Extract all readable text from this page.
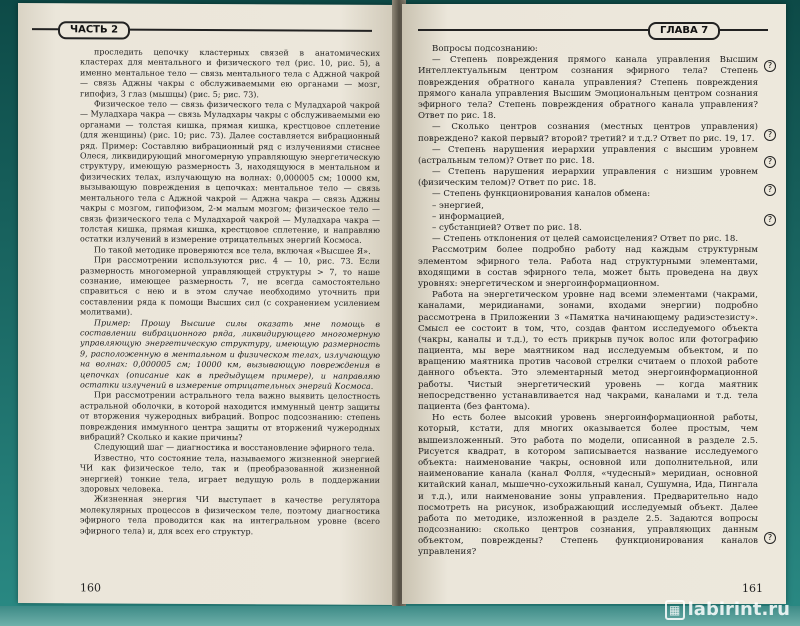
ЧАСТЬ 2

проследить цепочку кластерных связей в анатомических кластерах для ментального и физического тел (рис. 10, рис. 5), а именно ментальное тело — связь ментального тела с Аджной чакрой — связь Аджны чакры с обслуживаемыми ею органами — мозг, гипофиз, 3 глаз (мышцы) (рис. 5; рис. 73).

Физическое тело — связь физического тела с Муладхарой чакрой — Муладхара чакра — связь Муладхары чакры с обслуживаемыми ею органами — толстая кишка, прямая кишка, крестцовое сплетение (для женщины) (рис. 10; рис. 73). Далее составляется вибрационный ряд. Пример: Составляю вибрационный ряд с излучениями стиснее Олеся, ликвидирующий многомерную управляющую энергетическую структуру, имеющую размерность 3, находящуюся в ментальном и физических телах, излучающую на волнах: 0,000005 см; 10000 км, вызывающую повреждения в цепочках: ментальное тело — связь ментального тела с Аджной чакрой — Аджна чакра — связь Аджны чакры с мозгом, гипофизом, 2-м малым мозгом; физическое тело — связь физического тела с Муладхарой чакрой — Муладхара чакра — толстая кишка, прямая кишка, крестцовое сплетение, и направляю остатки излучений в измерение отрицательных энергий Космоса.

По такой методике проверяются все тела, включая «Высшее Я».

При рассмотрении используются рис. 4 — 10, рис. 73. Если размерность многомерной управляющей структуры > 7, то наше сознание, имеющее размерность 7, не всегда самостоятельно справиться с нею и в этом случае необходимо уточнить при составлении ряда к помощи Высших сил (с сохранением усилением молитвами).

Пример: Прошу Высшие силы оказать мне помощь в составлении вибрационного ряда, ликвидирующего многомерную управляющую энергетическую структуру, имеющую размерность 9, расположенную в ментальном и физическом телах, излучающую на волнах: 0,000005 см; 10000 км, вызывающую повреждения в цепочках (описание как в предыдущем примере), и направляю остатки излучений в измерение отрицательных энергий Космоса.

При рассмотрении астрального тела важно выявить целостность астральной оболочки, в которой находится иммунный центр защиты от вторжения чужеродных вибраций. Вопрос подсознанию: степень повреждения иммунного центра защиты от вторжений чужеродных вибраций? Сколько и какие причины?

Следующий шаг — диагностика и восстановление эфирного тела.

Известно, что состояние тела, называемого жизненной энергией ЧИ как физическое тело, так и (преобразованной жизненной энергией) тонкие тела, играет ведущую роль в поддержании здоровых человека.

Жизненная энергия ЧИ выступает в качестве регулятора молекулярных процессов в физическом теле, поэтому диагностика эфирного тела проводится как на интегральном уровне (всего эфирного тела) и, для всех его структур.

160
ГЛАВА 7

Вопросы подсознанию:

— Степень повреждения прямого канала управления Высшим Интеллектуальным центром сознания эфирного тела? Степень повреждения обратного канала управления? Степень повреждения прямого канала управления Высшим Эмоциональным центром сознания эфирного тела? Степень повреждения обратного канала управления? Ответ по рис. 18.

— Сколько центров сознания (местных центров управления) повреждено? какой первый? второй? третий? и т.д.? Ответ по рис. 19, 17.

— Степень нарушения иерархии управления с высшим уровнем (астральным телом)? Ответ по рис. 18.

— Степень нарушения иерархии управления с низшим уровнем (физическим телом)? Ответ по рис. 18.

— Степень функционирования каналов обмена:

– энергией,

– информацией,

– субстанцией? Ответ по рис. 18.

— Степень отклонения от целей самоисцеления? Ответ по рис. 18.

Рассмотрим более подробно работу над каждым структурным элементом эфирного тела. Работа над структурными элементами, входящими в состав эфирного тела, может быть проведена на двух уровнях: энергетическом и энергоинформационном.

Работа на энергетическом уровне над всеми элементами (чакрами, каналами, меридианами, зонами, входами энергии) подробно рассмотрена в Приложении 3 «Памятка начинающему радиэстезисту». Смысл ее состоит в том, что, создав фантом исследуемого объекта (чакры, каналы и т.д.), то есть прикрыв пучок волос или фотографию пациента, мы вере маятником над исследуемым объектом, и по вращению маятника против часовой стрелки считаем о плохой работе данного объекта. Это элементарный метод энергоинформационной работы. Чистый энергетический уровень — когда маятник непосредственно устанавливается над чакрами, каналами и т.д. тела пациента (без фантома).

Но есть более высокий уровень энергоинформационной работы, который, кстати, для многих оказывается более простым, чем вышеизложенный. Это работа по модели, описанной в разделе 2.5. Рисуется квадрат, в котором записывается название исследуемого объекта: наименование чакры, основной или дополнительной, или наименование канала (канал Фолля, «чудесный» меридиан, основной китайский канал, мышечно-сухожильный канал, Сушумна, Ида, Пингала и т.д.), или наименование зоны управления. Предварительно надо посмотреть на рисунок, изображающий исследуемый объект. Далее работа по методике, изложенной в разделе 2.5. Задаются вопросы подсознанию: сколько центров сознания, управляющих данным объектом, повреждены? Степень функционирования каналов управления?

?
?
?
?
?
?
161
▦ labirint.ru
